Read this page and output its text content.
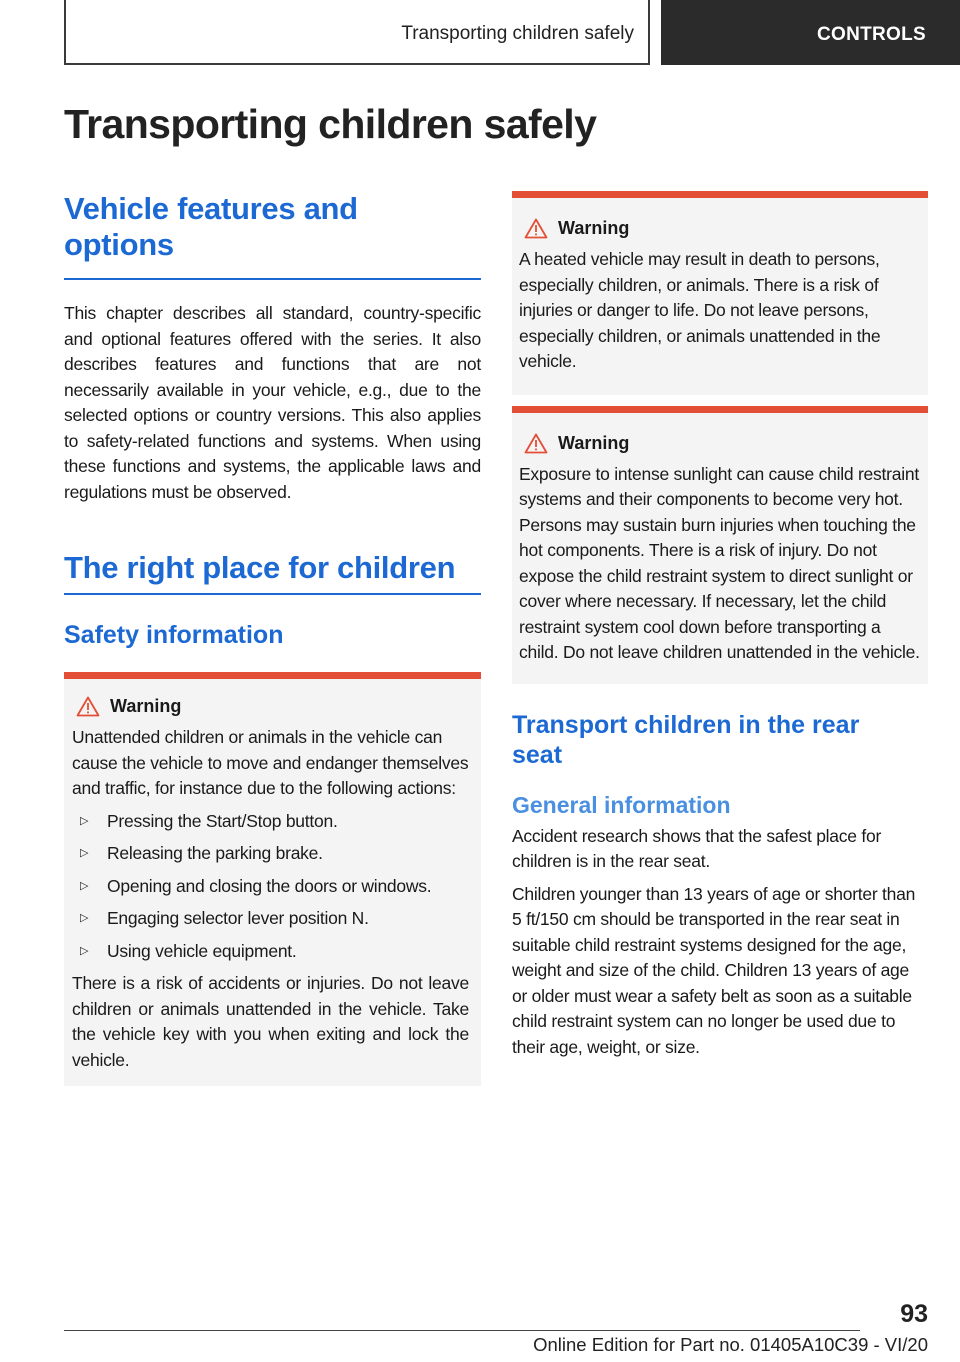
Transporting children safely	CONTROLS
Transporting children safely
Vehicle features and options
This chapter describes all standard, country-specific and optional features offered with the series. It also describes features and functions that are not necessarily available in your vehicle, e.g., due to the selected options or country versions. This also applies to safety-related functions and systems. When using these functions and systems, the applicable laws and regulations must be observed.
The right place for children
Safety information
Warning
Unattended children or animals in the vehicle can cause the vehicle to move and endanger themselves and traffic, for instance due to the following actions:
▷ Pressing the Start/Stop button.
▷ Releasing the parking brake.
▷ Opening and closing the doors or windows.
▷ Engaging selector lever position N.
▷ Using vehicle equipment.
There is a risk of accidents or injuries. Do not leave children or animals unattended in the vehicle. Take the vehicle key with you when exiting and lock the vehicle.
Warning
A heated vehicle may result in death to persons, especially children, or animals. There is a risk of injuries or danger to life. Do not leave persons, especially children, or animals unattended in the vehicle.
Warning
Exposure to intense sunlight can cause child restraint systems and their components to become very hot. Persons may sustain burn injuries when touching the hot components. There is a risk of injury. Do not expose the child restraint system to direct sunlight or cover where necessary. If necessary, let the child restraint system cool down before transporting a child. Do not leave children unattended in the vehicle.
Transport children in the rear seat
General information
Accident research shows that the safest place for children is in the rear seat.
Children younger than 13 years of age or shorter than 5 ft/150 cm should be transported in the rear seat in suitable child restraint systems designed for the age, weight and size of the child. Children 13 years of age or older must wear a safety belt as soon as a suitable child restraint system can no longer be used due to their age, weight, or size.
93
Online Edition for Part no. 01405A10C39 - VI/20
